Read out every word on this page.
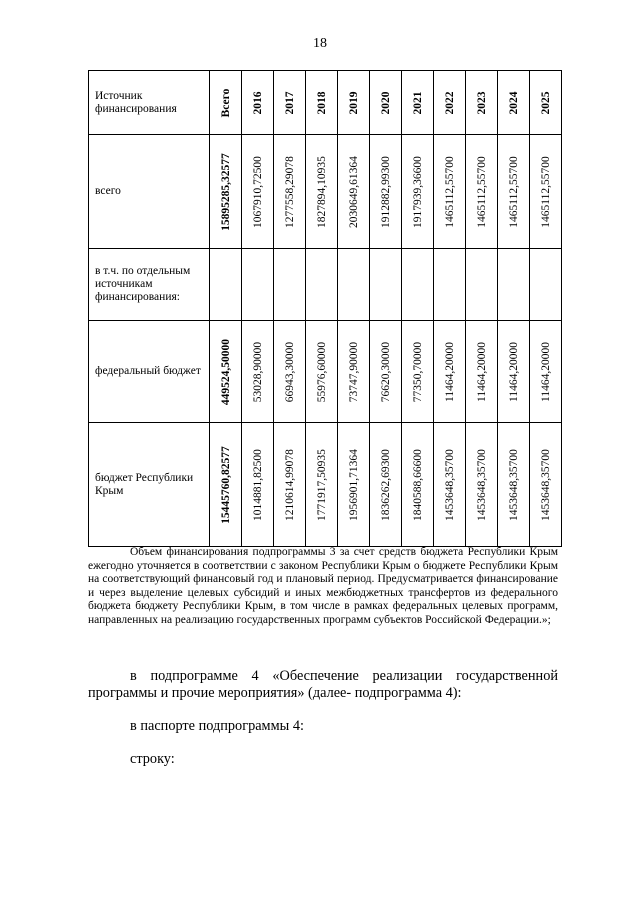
18
Источник финансирования	Всего	2016	2017	2018	2019	2020	2021	2022	2023	2024	2025

всего	15895285,32577	1067910,72500	1277558,29078	1827894,10935	2030649,61364	1912882,99300	1917939,36600	1465112,55700	1465112,55700	1465112,55700	1465112,55700

в т.ч. по отдельным источникам финансирования:	

федеральный бюджет	449524,50000	53028,90000	66943,30000	55976,60000	73747,90000	76620,30000	77350,70000	11464,20000	11464,20000	11464,20000	11464,20000

бюджет Республики Крым	15445760,82577	1014881,82500	1210614,99078	1771917,50935	1956901,71364	1836262,69300	1840588,66600	1453648,35700	1453648,35700	1453648,35700	1453648,35700
Объем финансирования подпрограммы 3 за счет средств бюджета Республики Крым ежегодно уточняется в соответствии с законом Республики Крым о бюджете Республики Крым на соответствующий финансовый год и плановый период. Предусматривается финансирование и через выделение целевых субсидий и иных межбюджетных трансфертов из федерального бюджета бюджету Республики Крым, в том числе в рамках федеральных целевых программ, направленных на реализацию государственных программ субъектов Российской Федерации.»;
в подпрограмме 4 «Обеспечение реализации государственной программы и прочие мероприятия» (далее- подпрограмма 4):
в паспорте подпрограммы 4:
строку:
